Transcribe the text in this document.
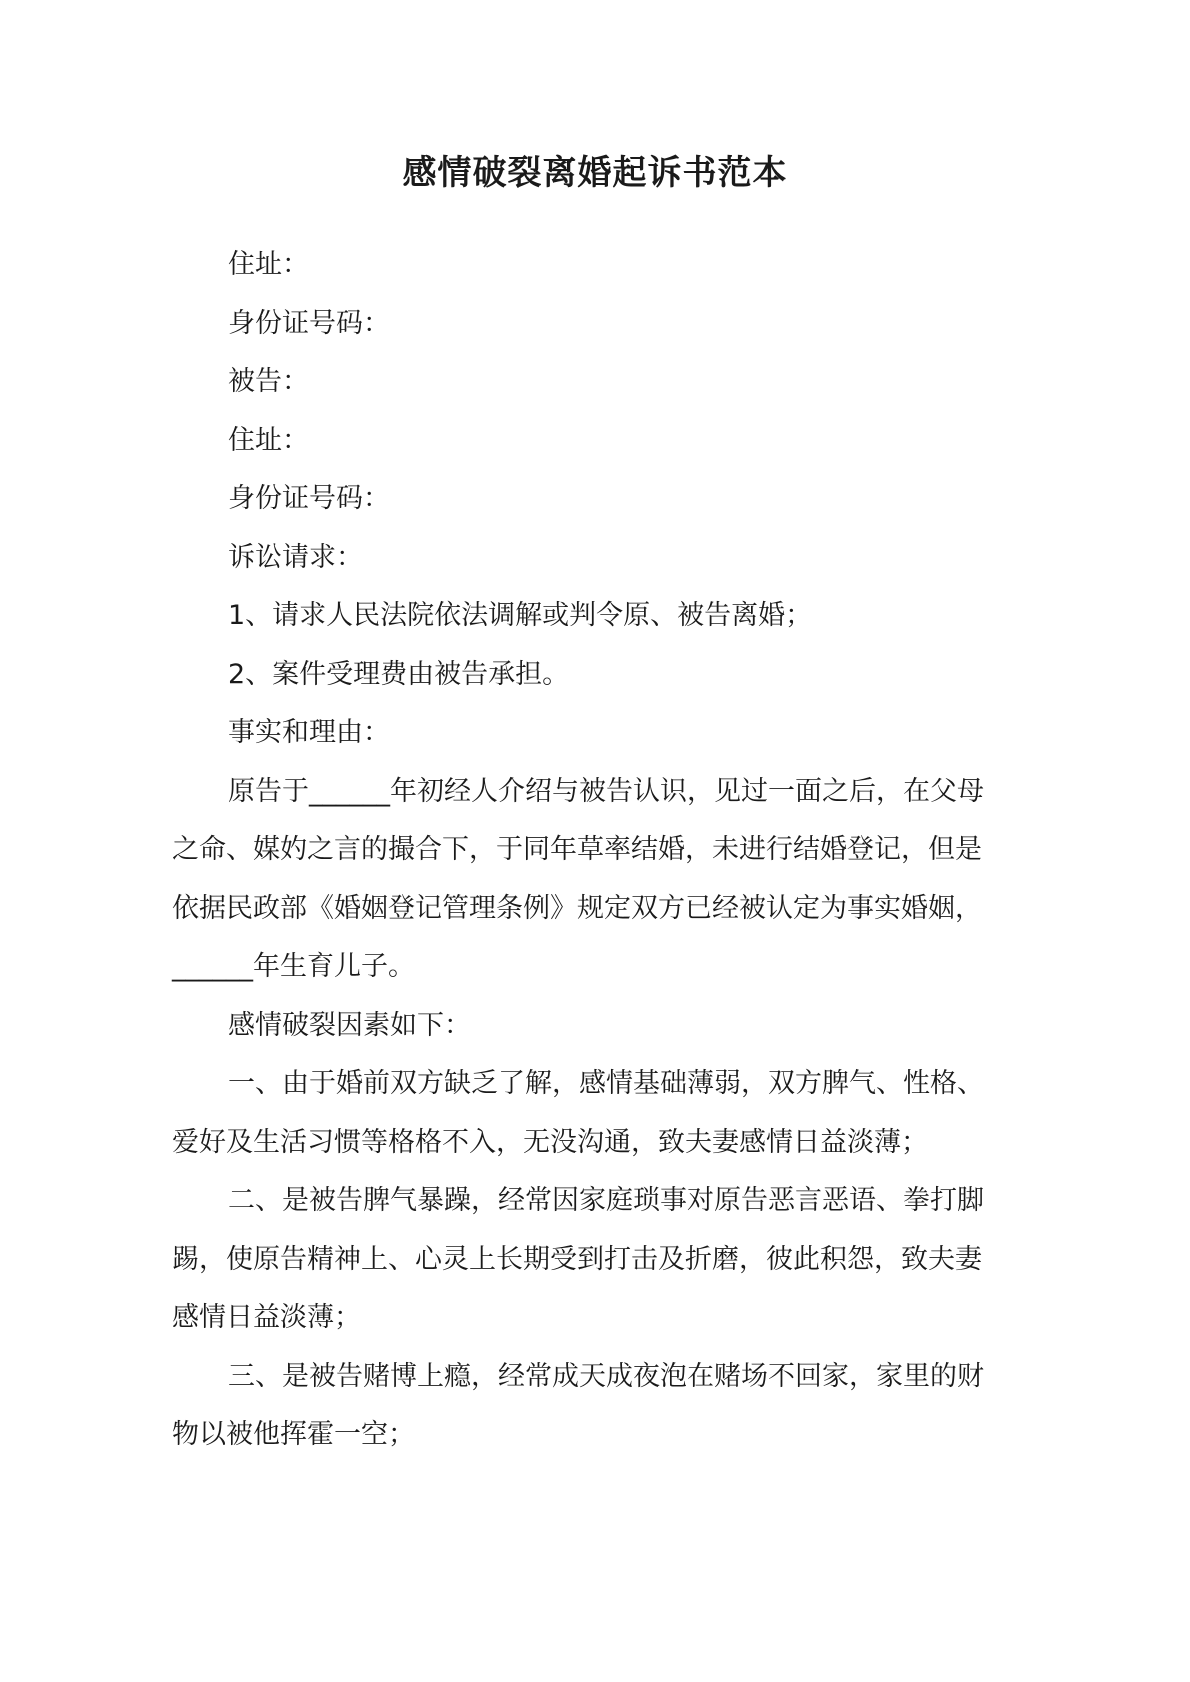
感情破裂离婚起诉书范本
住址：
身份证号码：
被告：
住址：
身份证号码：
诉讼请求：
1、请求人民法院依法调解或判令原、被告离婚；
2、案件受理费由被告承担。
事实和理由：
原告于______年初经人介绍与被告认识，见过一面之后，在父母
之命、媒妁之言的撮合下，于同年草率结婚，未进行结婚登记，但是
依据民政部《婚姻登记管理条例》规定双方已经被认定为事实婚姻，
______年生育儿子。
感情破裂因素如下：
一、由于婚前双方缺乏了解，感情基础薄弱，双方脾气、性格、
爱好及生活习惯等格格不入，无没沟通，致夫妻感情日益淡薄；
二、是被告脾气暴躁，经常因家庭琐事对原告恶言恶语、拳打脚
踢，使原告精神上、心灵上长期受到打击及折磨，彼此积怨，致夫妻
感情日益淡薄；
三、是被告赌博上瘾，经常成天成夜泡在赌场不回家，家里的财
物以被他挥霍一空；
